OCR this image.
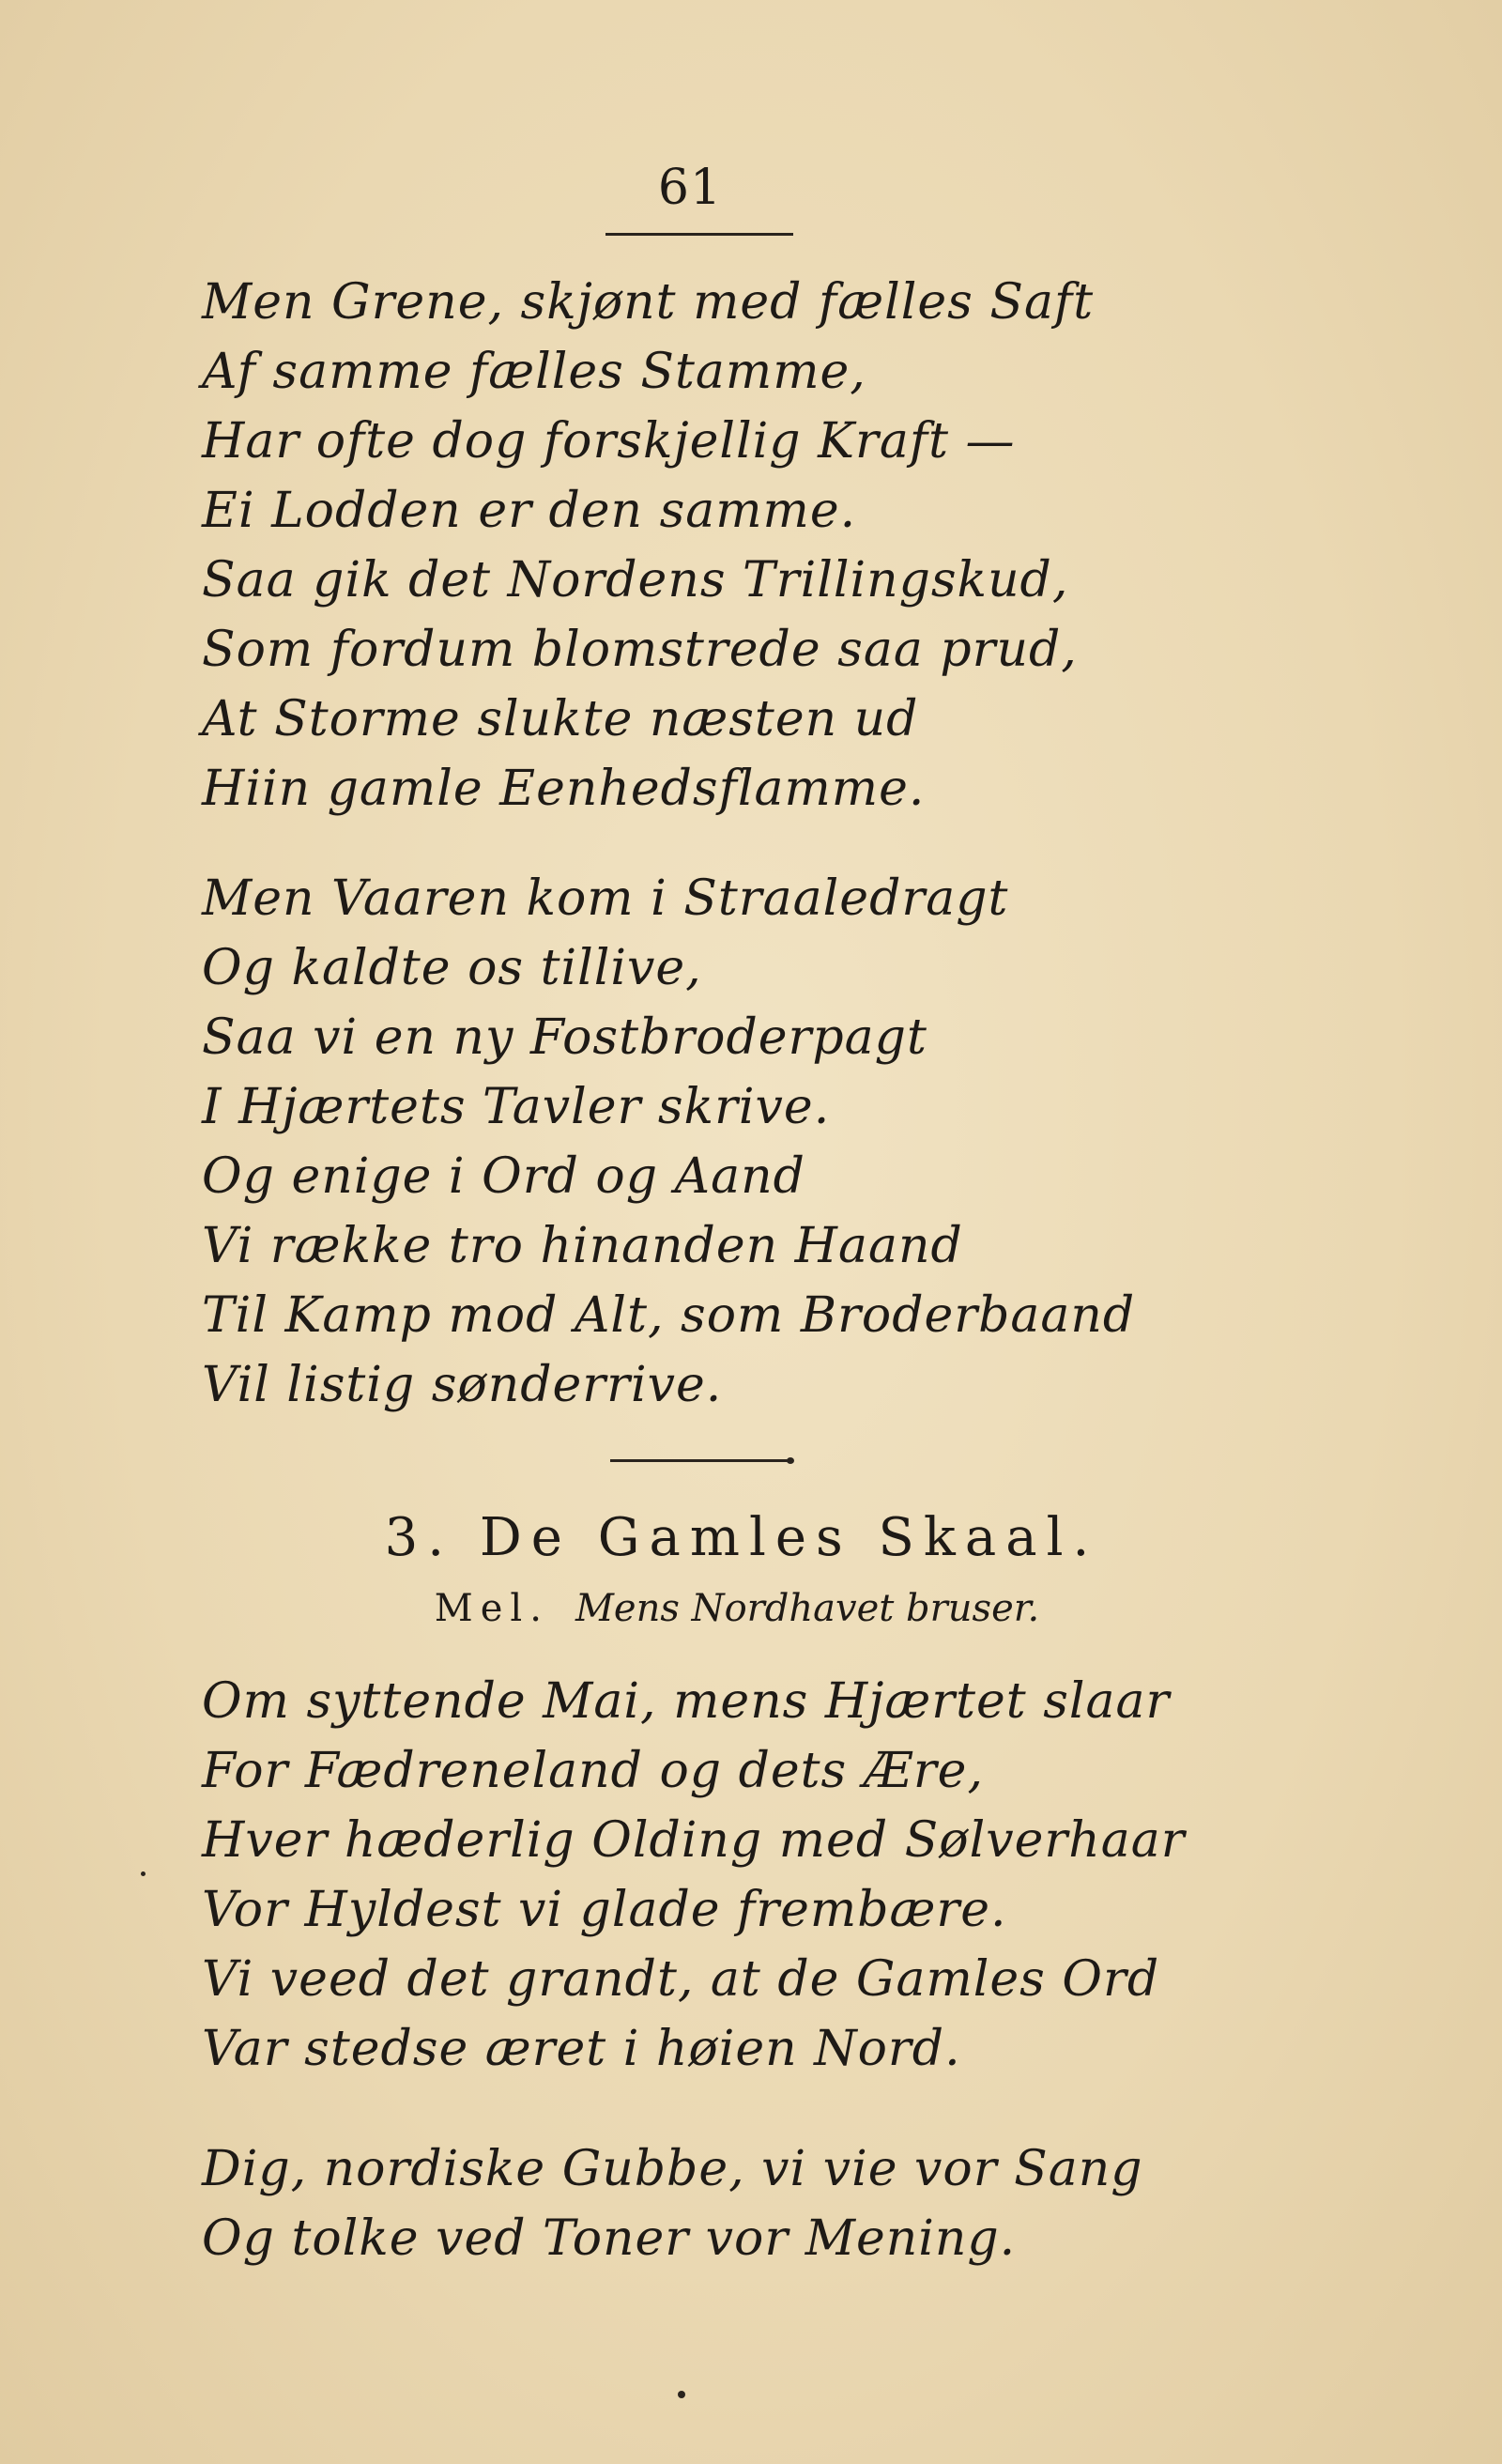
61
Men Grene, skjønt med fælles Saft
Af samme fælles Stamme,
Har ofte dog forskjellig Kraft —
Ei Lodden er den samme.
Saa gik det Nordens Trillingskud,
Som fordum blomstrede saa prud,
At Storme slukte næsten ud
Hiin gamle Eenhedsflamme.
Men Vaaren kom i Straaledragt
Og kaldte os tillive,
Saa vi en ny Fostbroderpagt
I Hjærtets Tavler skrive.
Og enige i Ord og Aand
Vi række tro hinanden Haand
Til Kamp mod Alt, som Broderbaand
Vil listig sønderrive.
3. De Gamles Skaal.
Mel. Mens Nordhavet bruser.
Om syttende Mai, mens Hjærtet slaar
For Fædreneland og dets Ære,
Hver hæderlig Olding med Sølverhaar
Vor Hyldest vi glade frembære.
Vi veed det grandt, at de Gamles Ord
Var stedse æret i høien Nord.
Dig, nordiske Gubbe, vi vie vor Sang
Og tolke ved Toner vor Mening.
